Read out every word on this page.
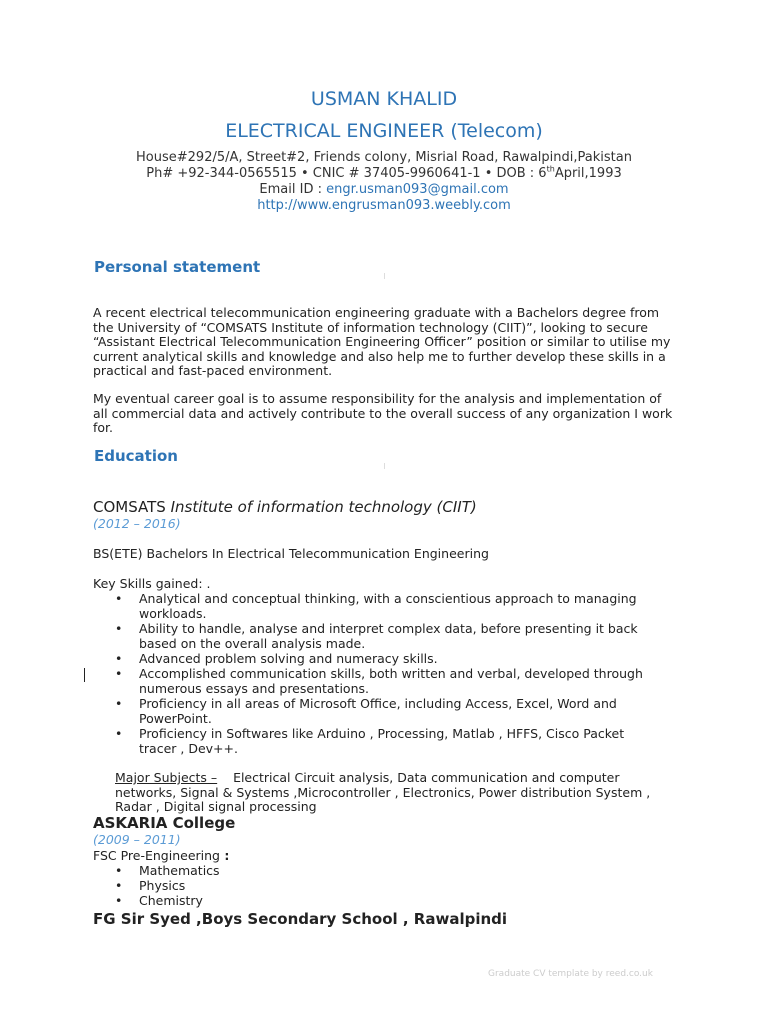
USMAN KHALID
ELECTRICAL ENGINEER (Telecom)
House#292/5/A, Street#2, Friends colony, Misrial Road, Rawalpindi,Pakistan
Ph# +92-344-0565515 • CNIC # 37405-9960641-1 • DOB : 6thApril,1993
Email ID : engr.usman093@gmail.com
http://www.engrusman093.weebly.com
Personal statement
A recent electrical telecommunication engineering graduate with a Bachelors degree from the University of “COMSATS Institute of information technology (CIIT)”, looking to secure “Assistant Electrical Telecommunication Engineering Officer” position or similar to utilise my current analytical skills and knowledge and also help me to further develop these skills in a practical and fast-paced environment.
My eventual career goal is to assume responsibility for the analysis and implementation of all commercial data and actively contribute to the overall success of any organization I work for.
Education
COMSATS Institute of information technology (CIIT)
(2012 – 2016)
BS(ETE) Bachelors In Electrical Telecommunication Engineering
Key Skills gained: .
• Analytical and conceptual thinking, with a conscientious approach to managing workloads.
• Ability to handle, analyse and interpret complex data, before presenting it back based on the overall analysis made.
• Advanced problem solving and numeracy skills.
• Accomplished communication skills, both written and verbal, developed through numerous essays and presentations.
• Proficiency in all areas of Microsoft Office, including Access, Excel, Word and PowerPoint.
• Proficiency in Softwares like Arduino , Processing, Matlab , HFFS, Cisco Packet tracer , Dev++.
Major Subjects – Electrical Circuit analysis, Data communication and computer networks, Signal & Systems ,Microcontroller , Electronics, Power distribution System , Radar , Digital signal processing
ASKARIA College
(2009 – 2011)
FSC Pre-Engineering :
• Mathematics
• Physics
• Chemistry
FG Sir Syed ,Boys Secondary School , Rawalpindi
Graduate CV template by reed.co.uk
